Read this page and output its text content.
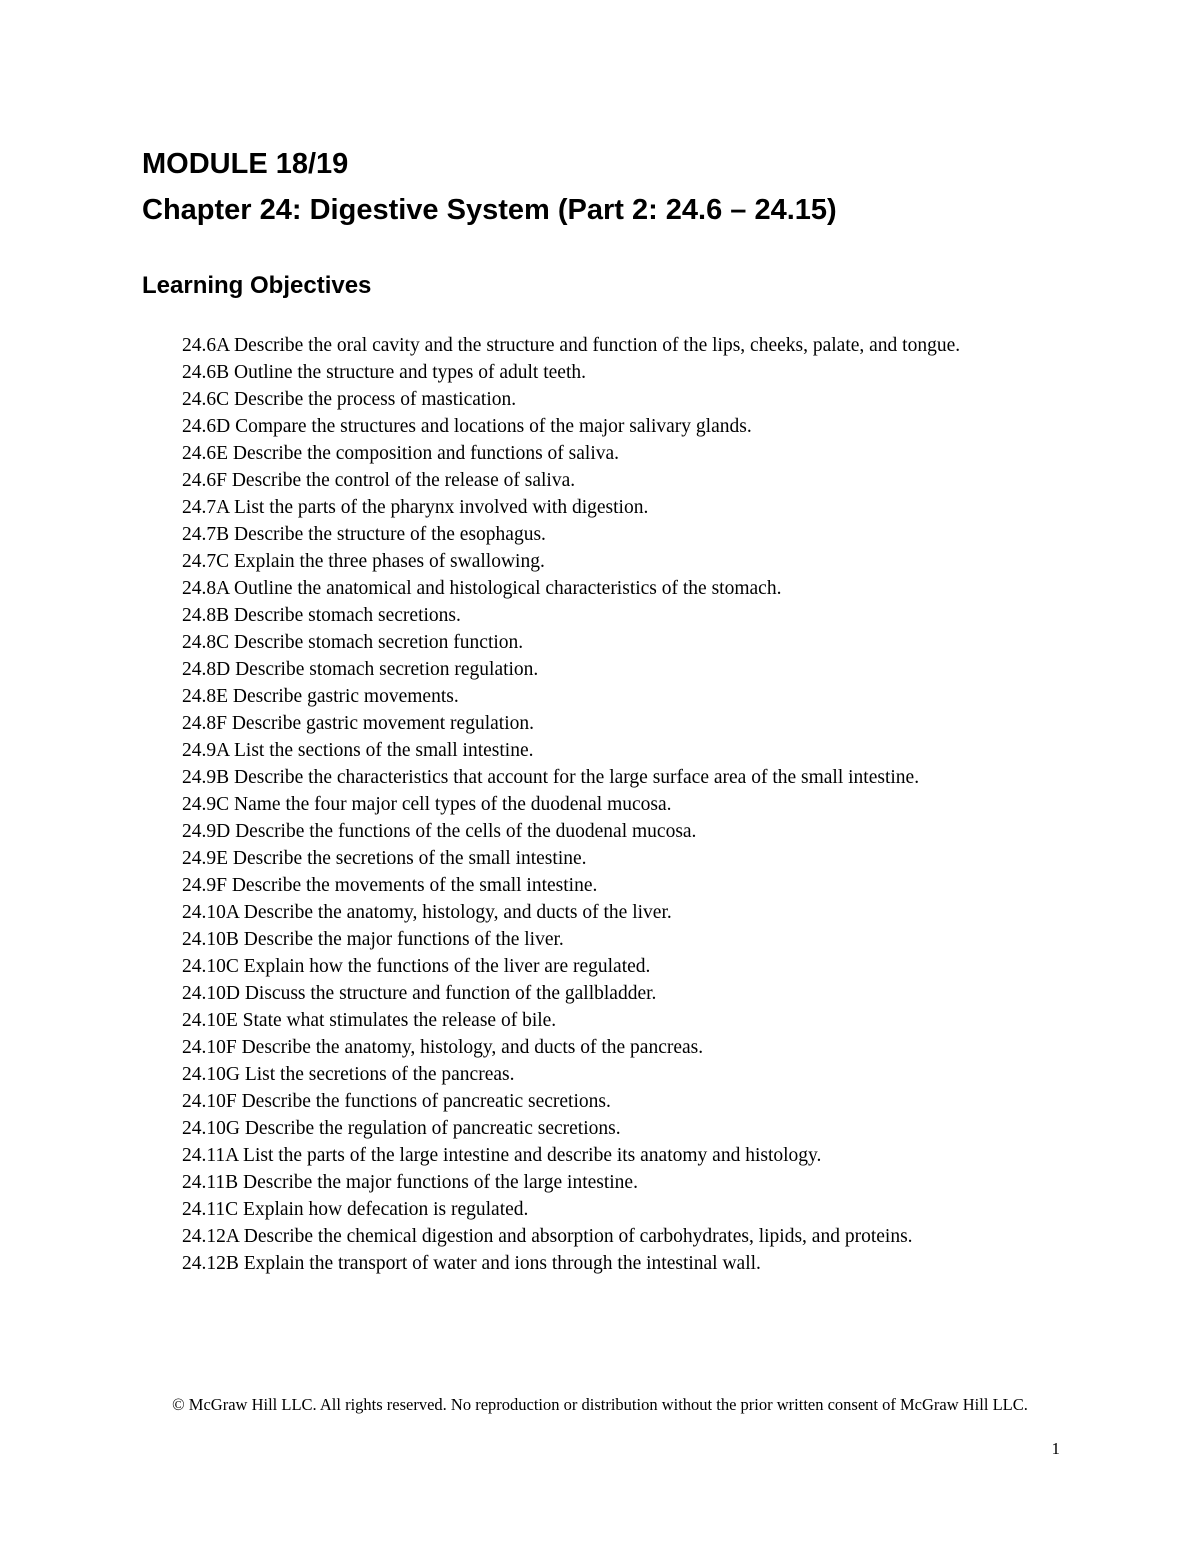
MODULE 18/19
Chapter 24: Digestive System (Part 2: 24.6 – 24.15)
Learning Objectives
24.6A Describe the oral cavity and the structure and function of the lips, cheeks, palate, and tongue.
24.6B Outline the structure and types of adult teeth.
24.6C Describe the process of mastication.
24.6D Compare the structures and locations of the major salivary glands.
24.6E Describe the composition and functions of saliva.
24.6F Describe the control of the release of saliva.
24.7A List the parts of the pharynx involved with digestion.
24.7B Describe the structure of the esophagus.
24.7C Explain the three phases of swallowing.
24.8A Outline the anatomical and histological characteristics of the stomach.
24.8B Describe stomach secretions.
24.8C Describe stomach secretion function.
24.8D Describe stomach secretion regulation.
24.8E Describe gastric movements.
24.8F Describe gastric movement regulation.
24.9A List the sections of the small intestine.
24.9B Describe the characteristics that account for the large surface area of the small intestine.
24.9C Name the four major cell types of the duodenal mucosa.
24.9D Describe the functions of the cells of the duodenal mucosa.
24.9E Describe the secretions of the small intestine.
24.9F Describe the movements of the small intestine.
24.10A Describe the anatomy, histology, and ducts of the liver.
24.10B Describe the major functions of the liver.
24.10C Explain how the functions of the liver are regulated.
24.10D Discuss the structure and function of the gallbladder.
24.10E State what stimulates the release of bile.
24.10F Describe the anatomy, histology, and ducts of the pancreas.
24.10G List the secretions of the pancreas.
24.10F Describe the functions of pancreatic secretions.
24.10G Describe the regulation of pancreatic secretions.
24.11A List the parts of the large intestine and describe its anatomy and histology.
24.11B Describe the major functions of the large intestine.
24.11C Explain how defecation is regulated.
24.12A Describe the chemical digestion and absorption of carbohydrates, lipids, and proteins.
24.12B Explain the transport of water and ions through the intestinal wall.

© McGraw Hill LLC. All rights reserved. No reproduction or distribution without the prior written consent of McGraw Hill LLC.

1
